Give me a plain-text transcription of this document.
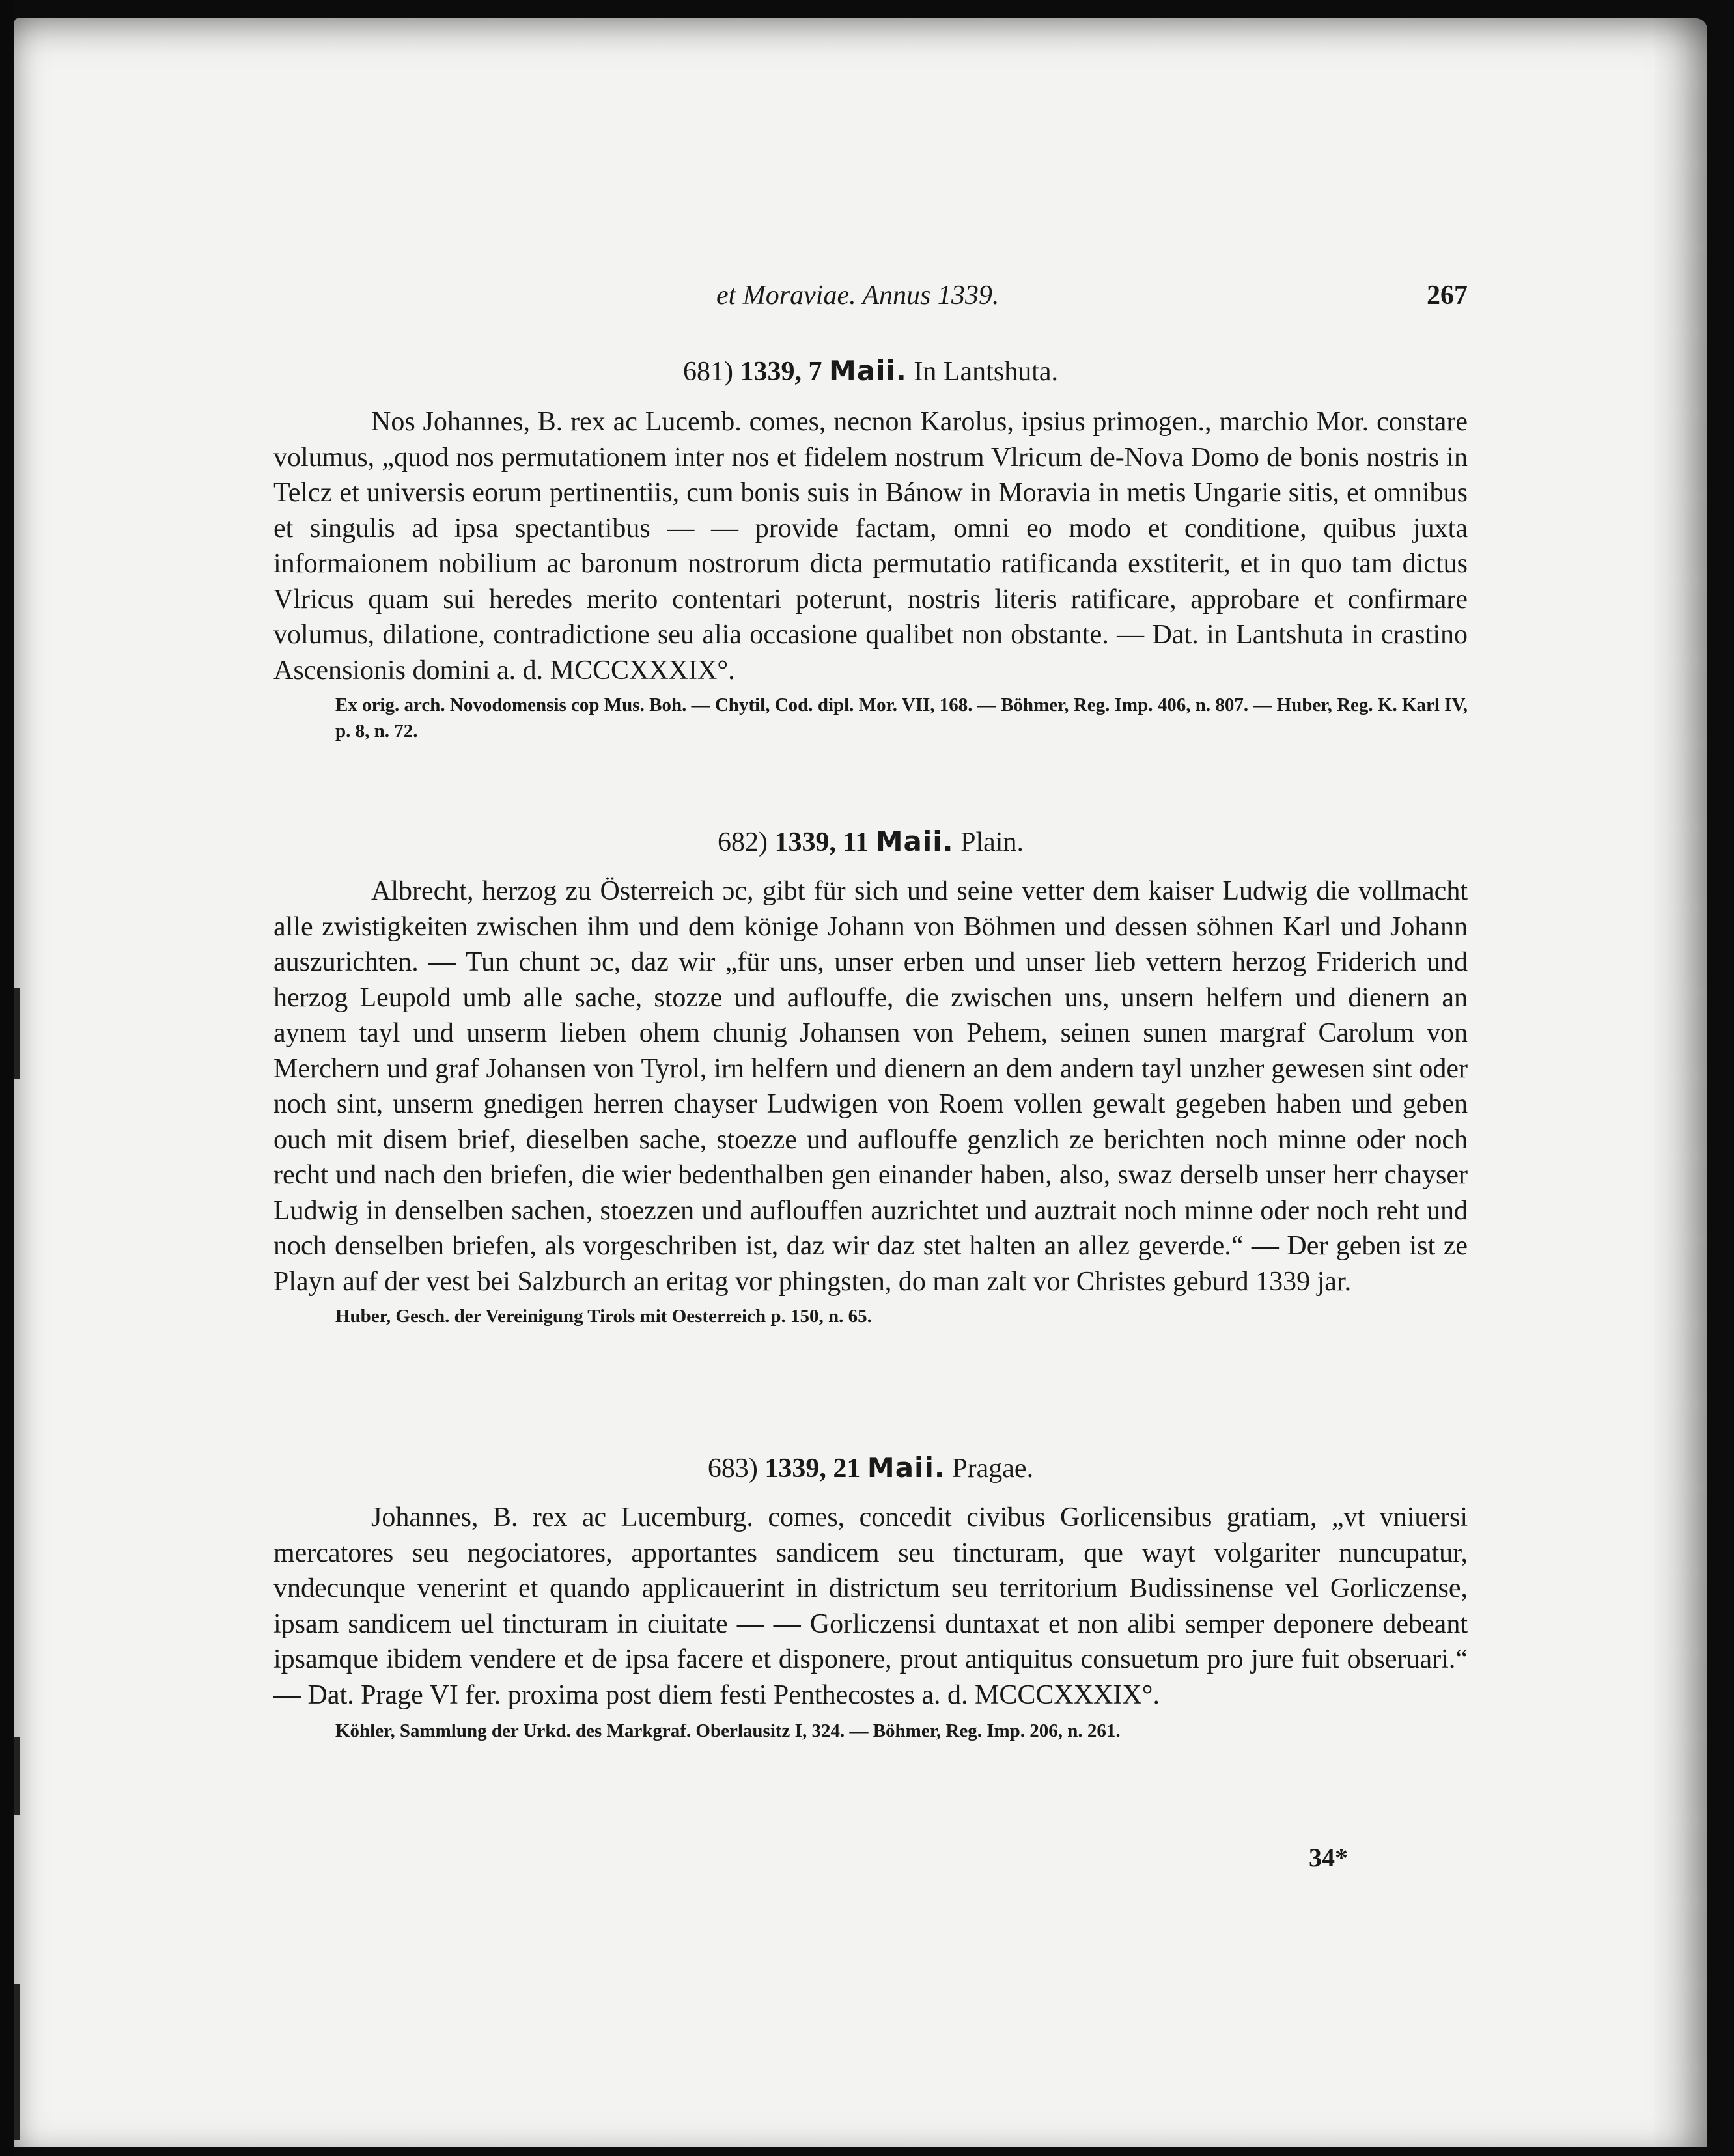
et Moraviae. Annus 1339.	267

681) 1339, 7 Maii. In Lantshuta.

Nos Johannes, B. rex ac Lucemb. comes, necnon Karolus, ipsius primogen., marchio Mor. constare volumus, „quod nos permutationem inter nos et fidelem nostrum Vlricum de-Nova Domo de bonis nostris in Telcz et universis eorum pertinentiis, cum bonis suis in Bánow in Moravia in metis Ungarie sitis, et omnibus et singulis ad ipsa spectantibus — — provide factam, omni eo modo et conditione, quibus juxta informaionem nobilium ac baronum nostrorum dicta permutatio ratificanda exstiterit, et in quo tam dictus Vlricus quam sui heredes merito contentari poterunt, nostris literis ratificare, approbare et confirmare volumus, dilatione, contradictione seu alia occasione qualibet non obstante. — Dat. in Lantshuta in crastino Ascensionis domini a. d. MCCCXXXIX°.

Ex orig. arch. Novodomensis cop Mus. Boh. — Chytil, Cod. dipl. Mor. VII, 168. — Böhmer, Reg. Imp. 406, n. 807. — Huber, Reg. K. Karl IV, p. 8, n. 72.

682) 1339, 11 Maii. Plain.

Albrecht, herzog zu Österreich ɔc, gibt für sich und seine vetter dem kaiser Ludwig die vollmacht alle zwistigkeiten zwischen ihm und dem könige Johann von Böhmen und dessen söhnen Karl und Johann auszurichten. — Tun chunt ɔc, daz wir „für uns, unser erben und unser lieb vettern herzog Friderich und herzog Leupold umb alle sache, stozze und auflouffe, die zwischen uns, unsern helfern und dienern an aynem tayl und unserm lieben ohem chunig Johansen von Pehem, seinen sunen margraf Carolum von Merchern und graf Johansen von Tyrol, irn helfern und dienern an dem andern tayl unzher gewesen sint oder noch sint, unserm gnedigen herren chayser Ludwigen von Roem vollen gewalt gegeben haben und geben ouch mit disem brief, dieselben sache, stoezze und auflouffe genzlich ze berichten noch minne oder noch recht und nach den briefen, die wier bedenthalben gen einander haben, also, swaz derselb unser herr chayser Ludwig in denselben sachen, stoezzen und auflouffen auzrichtet und auztrait noch minne oder noch reht und noch denselben briefen, als vorgeschriben ist, daz wir daz stet halten an allez geverde.“ — Der geben ist ze Playn auf der vest bei Salzburch an eritag vor phingsten, do man zalt vor Christes geburd 1339 jar.

Huber, Gesch. der Vereinigung Tirols mit Oesterreich p. 150, n. 65.

683) 1339, 21 Maii. Pragae.

Johannes, B. rex ac Lucemburg. comes, concedit civibus Gorlicensibus gratiam, „vt vniuersi mercatores seu negociatores, apportantes sandicem seu tincturam, que wayt volgariter nuncupatur, vndecunque venerint et quando applicauerint in districtum seu territorium Budissinense vel Gorliczense, ipsam sandicem uel tincturam in ciuitate — — Gorliczensi duntaxat et non alibi semper deponere debeant ipsamque ibidem vendere et de ipsa facere et disponere, prout antiquitus consuetum pro jure fuit obseruari.“ — Dat. Prage VI fer. proxima post diem festi Penthecostes a. d. MCCCXXXIX°.

Köhler, Sammlung der Urkd. des Markgraf. Oberlausitz I, 324. — Böhmer, Reg. Imp. 206, n. 261.

34*
